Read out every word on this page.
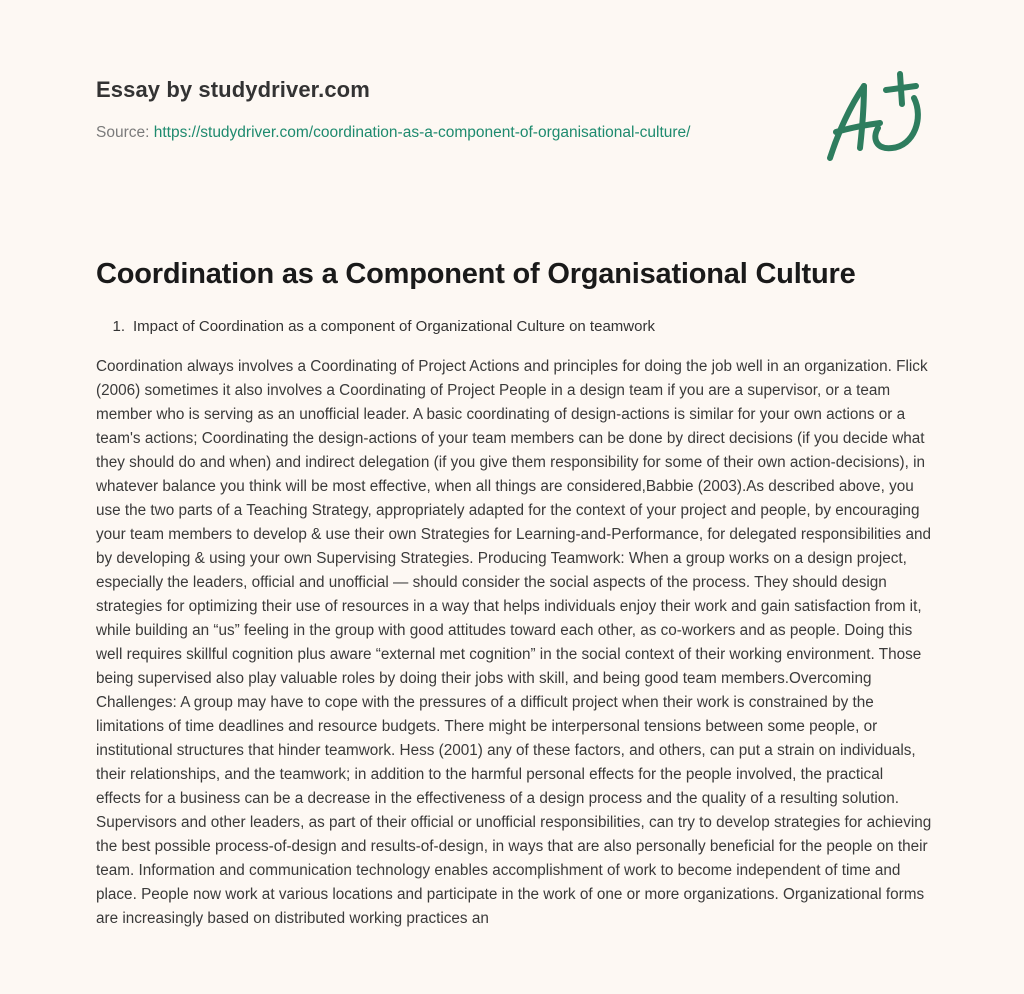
Essay by studydriver.com
Source: https://studydriver.com/coordination-as-a-component-of-organisational-culture/
Coordination as a Component of Organisational Culture
1. Impact of Coordination as a component of Organizational Culture on teamwork

Coordination always involves a Coordinating of Project Actions and principles for doing the job well in an organization. Flick (2006) sometimes it also involves a Coordinating of Project People in a design team if you are a supervisor, or a team member who is serving as an unofficial leader. A basic coordinating of design-actions is similar for your own actions or a team's actions; Coordinating the design-actions of your team members can be done by direct decisions (if you decide what they should do and when) and indirect delegation (if you give them responsibility for some of their own action-decisions), in whatever balance you think will be most effective, when all things are considered,Babbie (2003).As described above, you use the two parts of a Teaching Strategy, appropriately adapted for the context of your project and people, by encouraging your team members to develop & use their own Strategies for Learning-and-Performance, for delegated responsibilities and by developing & using your own Supervising Strategies. Producing Teamwork: When a group works on a design project, especially the leaders, official and unofficial — should consider the social aspects of the process. They should design strategies for optimizing their use of resources in a way that helps individuals enjoy their work and gain satisfaction from it, while building an “us” feeling in the group with good attitudes toward each other, as co-workers and as people. Doing this well requires skillful cognition plus aware “external met cognition” in the social context of their working environment. Those being supervised also play valuable roles by doing their jobs with skill, and being good team members.Overcoming Challenges: A group may have to cope with the pressures of a difficult project when their work is constrained by the limitations of time deadlines and resource budgets. There might be interpersonal tensions between some people, or institutional structures that hinder teamwork. Hess (2001) any of these factors, and others, can put a strain on individuals, their relationships, and the teamwork; in addition to the harmful personal effects for the people involved, the practical effects for a business can be a decrease in the effectiveness of a design process and the quality of a resulting solution. Supervisors and other leaders, as part of their official or unofficial responsibilities, can try to develop strategies for achieving the best possible process-of-design and results-of-design, in ways that are also personally beneficial for the people on their team. Information and communication technology enables accomplishment of work to become independent of time and place. People now work at various locations and participate in the work of one or more organizations. Organizational forms are increasingly based on distributed working practices an
